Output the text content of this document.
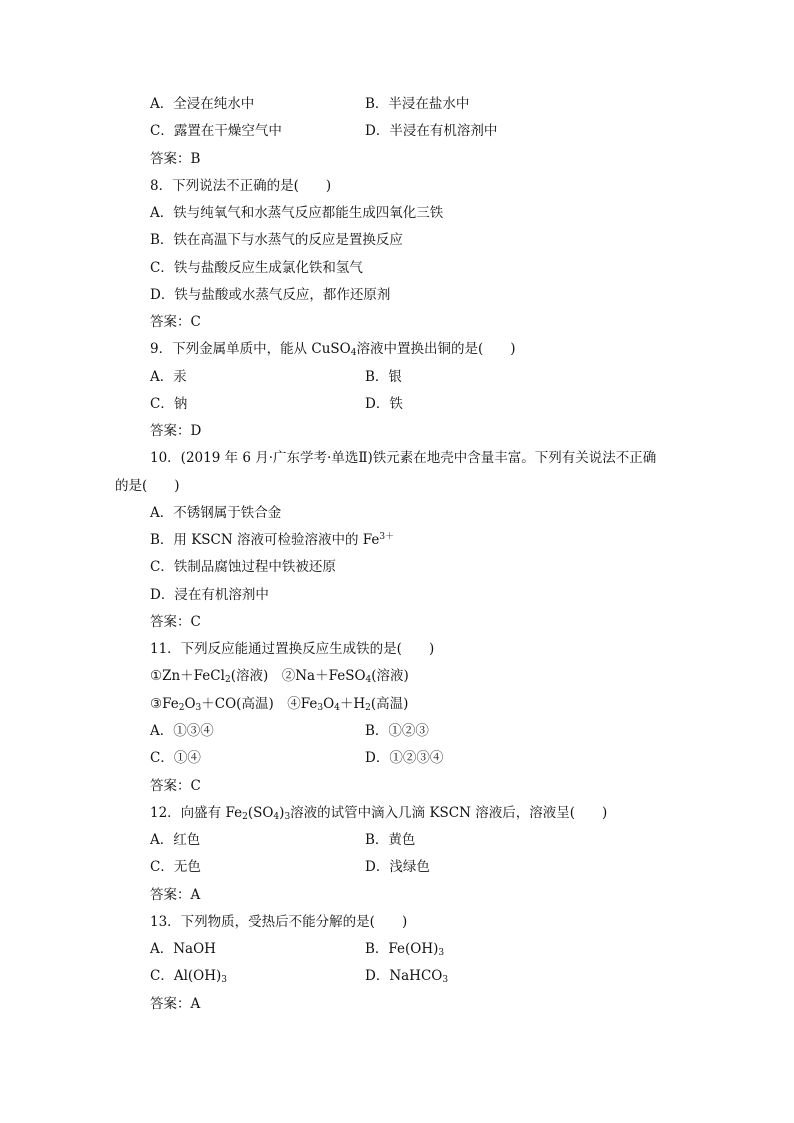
A．全浸在纯水中	B．半浸在盐水中
C．露置在干燥空气中	D．半浸在有机溶剂中
答案：B
8．下列说法不正确的是(　　)
A．铁与纯氧气和水蒸气反应都能生成四氧化三铁
B．铁在高温下与水蒸气的反应是置换反应
C．铁与盐酸反应生成氯化铁和氢气
D．铁与盐酸或水蒸气反应，都作还原剂
答案：C
9．下列金属单质中，能从 CuSO$_4$溶液中置换出铜的是(　　)
A．汞	B．银
C．钠	D．铁
答案：D
10．(2019 年 6 月·广东学考·单选Ⅱ)铁元素在地壳中含量丰富。下列有关说法不正确
的是(　　)
A．不锈钢属于铁合金
B．用 KSCN 溶液可检验溶液中的 $Fe^{3+}$
C．铁制品腐蚀过程中铁被还原
D．浸在有机溶剂中
答案：C
11．下列反应能通过置换反应生成铁的是(　　)
①Zn＋FeCl$_2$(溶液)　 ②Na＋FeSO$_4$(溶液)
$③Fe_2O_3+CO$(高温)　 $④Fe_3O_4+H_2$(高温)
A．①③④	B．①②③
C．①④	D．①②③④
答案：C
12．向盛有 $Fe_2(SO_4)_3$溶液的试管中滴入几滴 KSCN 溶液后，溶液呈(　　)
A．红色	B．黄色
C．无色	D．浅绿色
答案：A
13．下列物质，受热后不能分解的是(　　)
A．NaOH	B．$Fe(OH)_3$
C．$Al(OH)_3$	D．NaHCO$_3$
答案：A
